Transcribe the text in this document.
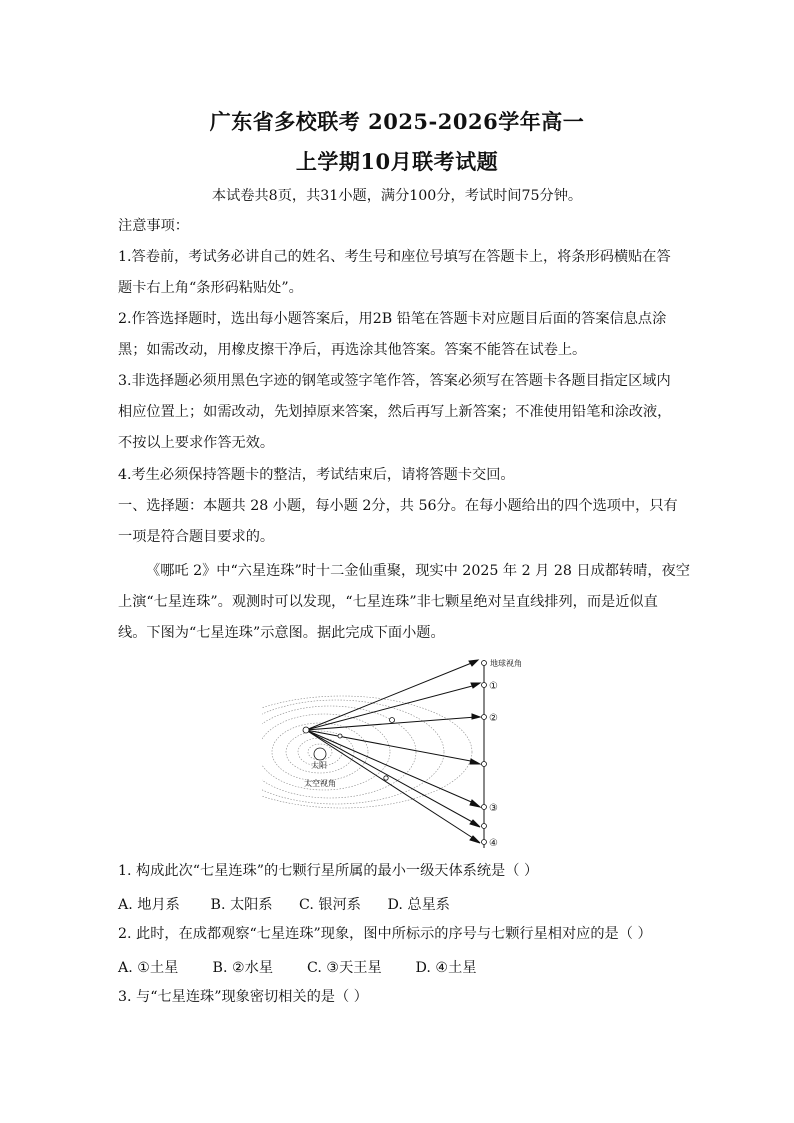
广东省多校联考 2025-2026学年高一
上学期10月联考试题
本试卷共8页，共31小题，满分100分，考试时间75分钟。
注意事项：
1.答卷前，考试务必讲自己的姓名、考生号和座位号填写在答题卡上，将条形码横贴在答
题卡右上角“条形码粘贴处”。
2.作答选择题时，选出每小题答案后，用2B 铅笔在答题卡对应题目后面的答案信息点涂
黑；如需改动，用橡皮擦干净后，再选涂其他答案。答案不能答在试卷上。
3.非选择题必须用黑色字迹的钢笔或签字笔作答，答案必须写在答题卡各题目指定区域内
相应位置上；如需改动，先划掉原来答案，然后再写上新答案；不准使用铅笔和涂改液，
不按以上要求作答无效。
4.考生必须保持答题卡的整洁，考试结束后，请将答题卡交回。
一、选择题：本题共 28 小题，每小题 2分，共 56分。在每小题给出的四个选项中，只有
一项是符合题目要求的。
《哪吒 2》中“六星连珠”时十二金仙重聚，现实中 2025 年 2 月 28 日成都转晴，夜空
上演“七星连珠”。观测时可以发现，“七星连珠”非七颗星绝对呈直线排列，而是近似直
线。下图为“七星连珠”示意图。据此完成下面小题。
地球视角
太阳
太空视角
①
②
③
④
1. 构成此次“七星连珠”的七颗行星所属的最小一级天体系统是（ ）
A. 地月系 B. 太阳系 C. 银河系 D. 总星系
2. 此时，在成都观察“七星连珠”现象，图中所标示的序号与七颗行星相对应的是（ ）
A. ①土星 B. ②水星 C. ③天王星 D. ④土星
3. 与“七星连珠”现象密切相关的是（ ）
